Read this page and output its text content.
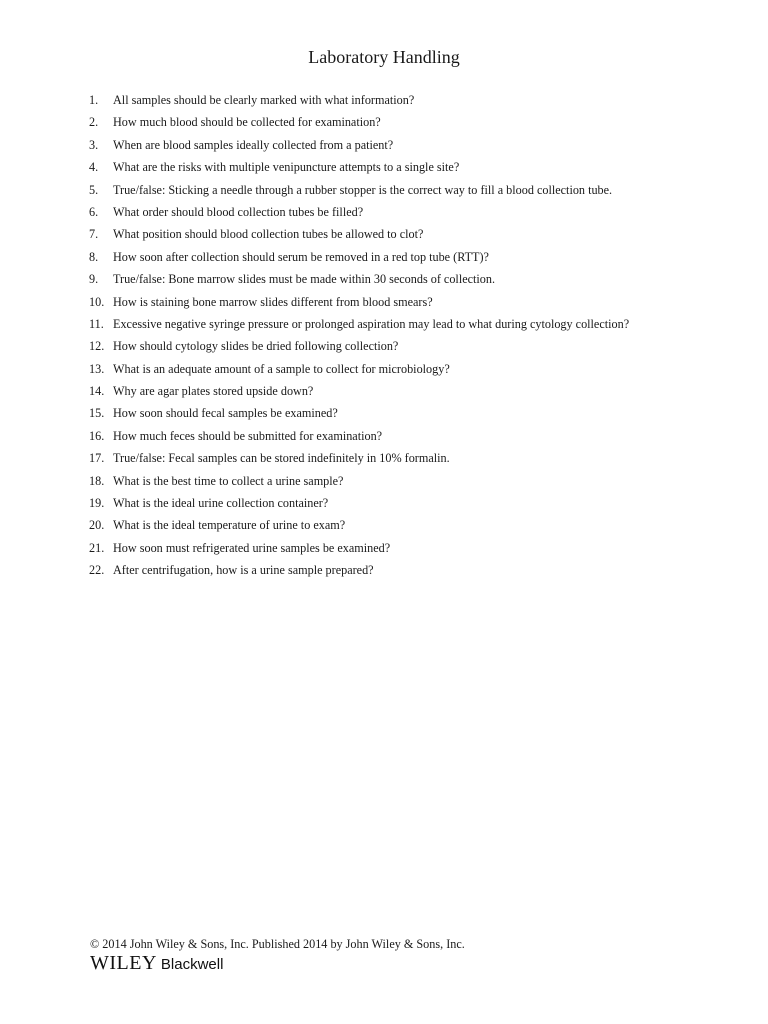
Laboratory Handling
1.	All samples should be clearly marked with what information?
2.	How much blood should be collected for examination?
3.	When are blood samples ideally collected from a patient?
4.	What are the risks with multiple venipuncture attempts to a single site?
5.	True/false: Sticking a needle through a rubber stopper is the correct way to fill a blood collection tube.
6.	What order should blood collection tubes be filled?
7.	What position should blood collection tubes be allowed to clot?
8.	How soon after collection should serum be removed in a red top tube (RTT)?
9.	True/false: Bone marrow slides must be made within 30 seconds of collection.
10. How is staining bone marrow slides different from blood smears?
11. Excessive negative syringe pressure or prolonged aspiration may lead to what during cytology collection?
12. How should cytology slides be dried following collection?
13. What is an adequate amount of a sample to collect for microbiology?
14. Why are agar plates stored upside down?
15. How soon should fecal samples be examined?
16. How much feces should be submitted for examination?
17. True/false: Fecal samples can be stored indefinitely in 10% formalin.
18. What is the best time to collect a urine sample?
19. What is the ideal urine collection container?
20. What is the ideal temperature of urine to exam?
21. How soon must refrigerated urine samples be examined?
22. After centrifugation, how is a urine sample prepared?

© 2014 John Wiley & Sons, Inc. Published 2014 by John Wiley & Sons, Inc.

WILEY Blackwell
